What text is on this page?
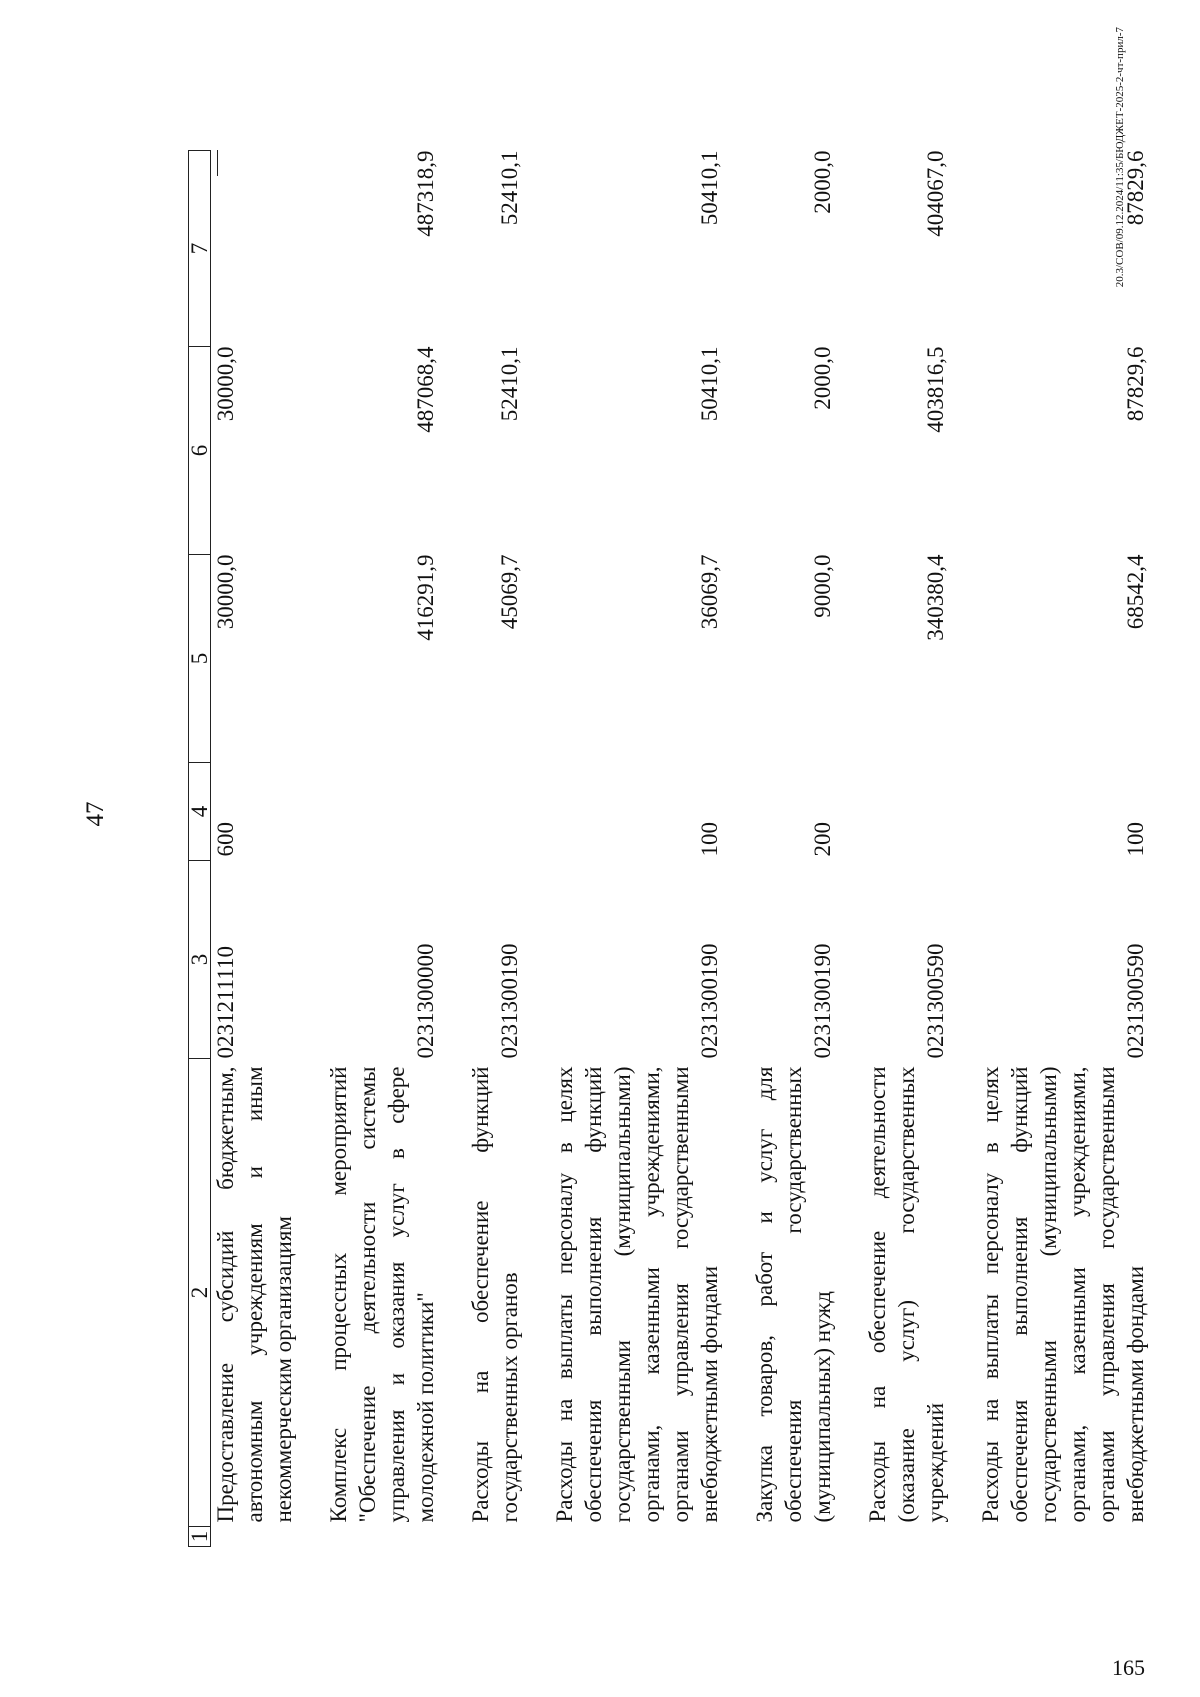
47
1	2	3	4	5	6	7
	Предоставление субсидий бюджетным, автономным учреждениям и иным некоммерческим организациям	0231211110	600	30000,0	30000,0	

	Комплекс процессных мероприятий "Обеспечение деятельности системы управления и оказания услуг в сфере молодежной политики"	0231300000		416291,9	487068,4	487318,9

	Расходы на обеспечение функций государственных органов	0231300190		45069,7	52410,1	52410,1

	Расходы на выплаты персоналу в целях обеспечения выполнения функций государственными (муниципальными) органами, казенными учреждениями, органами управления государственными внебюджетными фондами	0231300190	100	36069,7	50410,1	50410,1

	Закупка товаров, работ и услуг для обеспечения государственных (муниципальных) нужд	0231300190	200	9000,0	2000,0	2000,0

	Расходы на обеспечение деятельности (оказание услуг) государственных учреждений	0231300590		340380,4	403816,5	404067,0

	Расходы на выплаты персоналу в целях обеспечения выполнения функций государственными (муниципальными) органами, казенными учреждениями, органами управления государственными внебюджетными фондами	0231300590	100	68542,4	87829,6	87829,6
20.3/СОВ/09.12.2024/11:35/БЮДЖЕТ-2025-2-чт-прил-7
165
